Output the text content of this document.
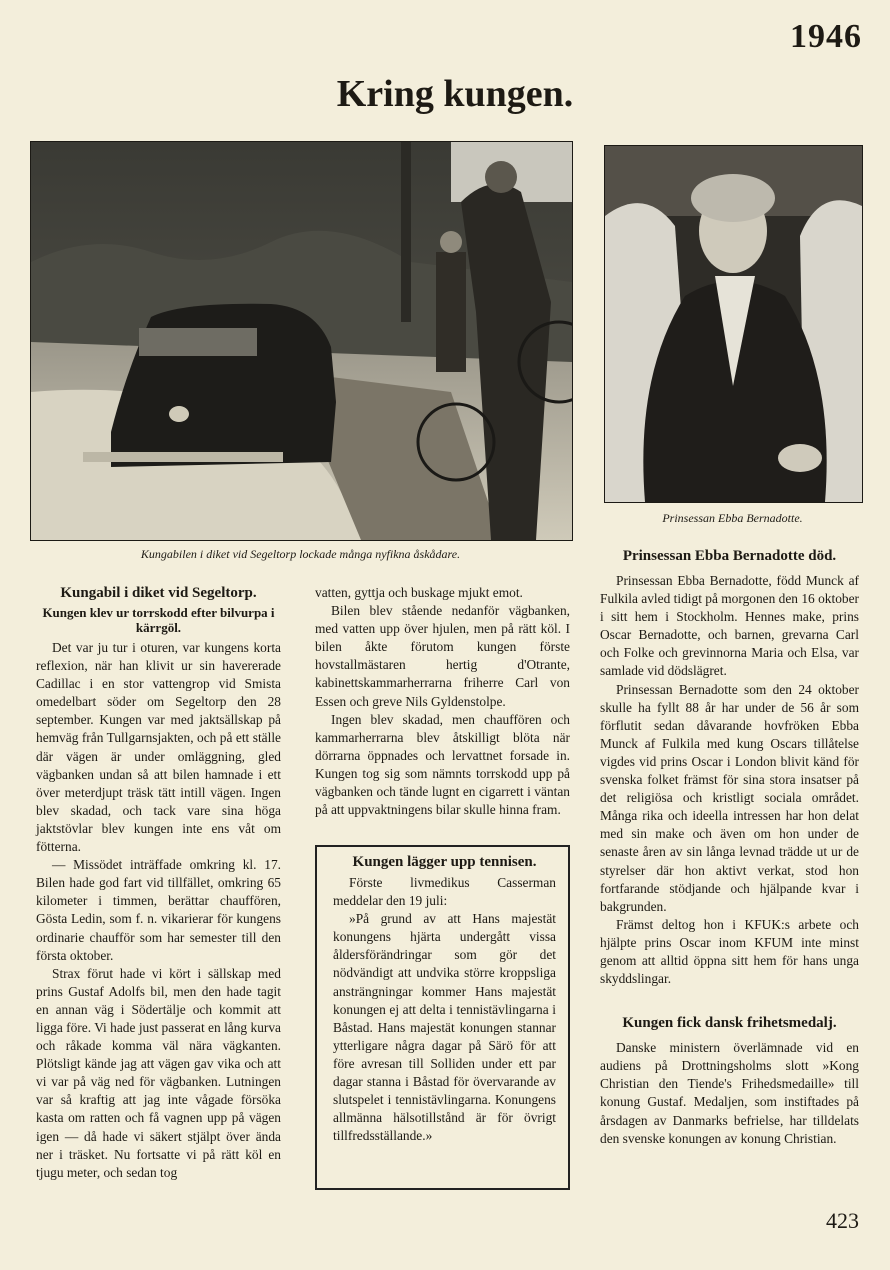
1946
Kring kungen.
Kungabilen i diket vid Segeltorp lockade många nyfikna åskådare.
Prinsessan Ebba Bernadotte.
Kungabil i diket vid Segeltorp.
Kungen klev ur torrskodd efter bilvurpa i kärrgöl.

Det var ju tur i oturen, var kungens korta reflexion, när han klivit ur sin havererade Cadillac i en stor vattengrop vid Smista omedelbart söder om Segeltorp den 28 september. Kungen var med jaktsällskap på hemväg från Tullgarnsjakten, och på ett ställe där vägen är under omläggning, gled vägbanken undan så att bilen hamnade i ett över meterdjupt träsk tätt intill vägen. Ingen blev skadad, och tack vare sina höga jaktstövlar blev kungen inte ens våt om fötterna.

— Missödet inträffade omkring kl. 17. Bilen hade god fart vid tillfället, omkring 65 kilometer i timmen, berättar chauffören, Gösta Ledin, som f. n. vikarierar för kungens ordinarie chaufför som har semester till den första oktober.

Strax förut hade vi kört i sällskap med prins Gustaf Adolfs bil, men den hade tagit en annan väg i Södertälje och kommit att ligga före. Vi hade just passerat en lång kurva och råkade komma väl nära vägkanten. Plötsligt kände jag att vägen gav vika och att vi var på väg ned för vägbanken. Lutningen var så kraftig att jag inte vågade försöka kasta om ratten och få vagnen upp på vägen igen — då hade vi säkert stjälpt över ända ner i träsket. Nu fortsatte vi på rätt köl en tjugu meter, och sedan tog

vatten, gyttja och buskage mjukt emot.

Bilen blev stående nedanför vägbanken, med vatten upp över hjulen, men på rätt köl. I bilen åkte förutom kungen förste hovstallmästaren hertig d'Otrante, kabinettskammarherrarna friherre Carl von Essen och greve Nils Gyldenstolpe.

Ingen blev skadad, men chauffören och kammarherrarna blev åtskilligt blöta när dörrarna öppnades och lervattnet forsade in. Kungen tog sig som nämnts torrskodd upp på vägbanken och tände lugnt en cigarrett i väntan på att uppvaktningens bilar skulle hinna fram.

Kungen lägger upp tennisen.

Förste livmedikus Casserman meddelar den 19 juli:

»På grund av att Hans majestät konungens hjärta undergått vissa åldersförändringar som gör det nödvändigt att undvika större kroppsliga ansträngningar kommer Hans majestät konungen ej att delta i tennistävlingarna i Båstad. Hans majestät konungen stannar ytterligare några dagar på Särö för att före avresan till Solliden under ett par dagar stanna i Båstad för övervarande av slutspelet i tennistävlingarna. Konungens allmänna hälsotillstånd är för övrigt tillfredsställande.»

Prinsessan Ebba Bernadotte död.

Prinsessan Ebba Bernadotte, född Munck af Fulkila avled tidigt på morgonen den 16 oktober i sitt hem i Stockholm. Hennes make, prins Oscar Bernadotte, och barnen, grevarna Carl och Folke och grevinnorna Maria och Elsa, var samlade vid dödslägret.

Prinsessan Bernadotte som den 24 oktober skulle ha fyllt 88 år har under de 56 år som förflutit sedan dåvarande hovfröken Ebba Munck af Fulkila med kung Oscars tillåtelse vigdes vid prins Oscar i London blivit känd för svenska folket främst för sina stora insatser på det religiösa och kristligt sociala området. Många rika och ideella intressen har hon delat med sin make och även om hon under de senaste åren av sin långa levnad trädde ut ur de styrelser där hon aktivt verkat, stod hon fortfarande stödjande och hjälpande kvar i bakgrunden.

Främst deltog hon i KFUK:s arbete och hjälpte prins Oscar inom KFUM inte minst genom att alltid öppna sitt hem för hans unga skyddslingar.

Kungen fick dansk frihetsmedalj.

Danske ministern överlämnade vid en audiens på Drottningsholms slott »Kong Christian den Tiende's Frihedsmedaille» till konung Gustaf. Medaljen, som instiftades på årsdagen av Danmarks befrielse, har tilldelats den svenske konungen av konung Christian.

423
